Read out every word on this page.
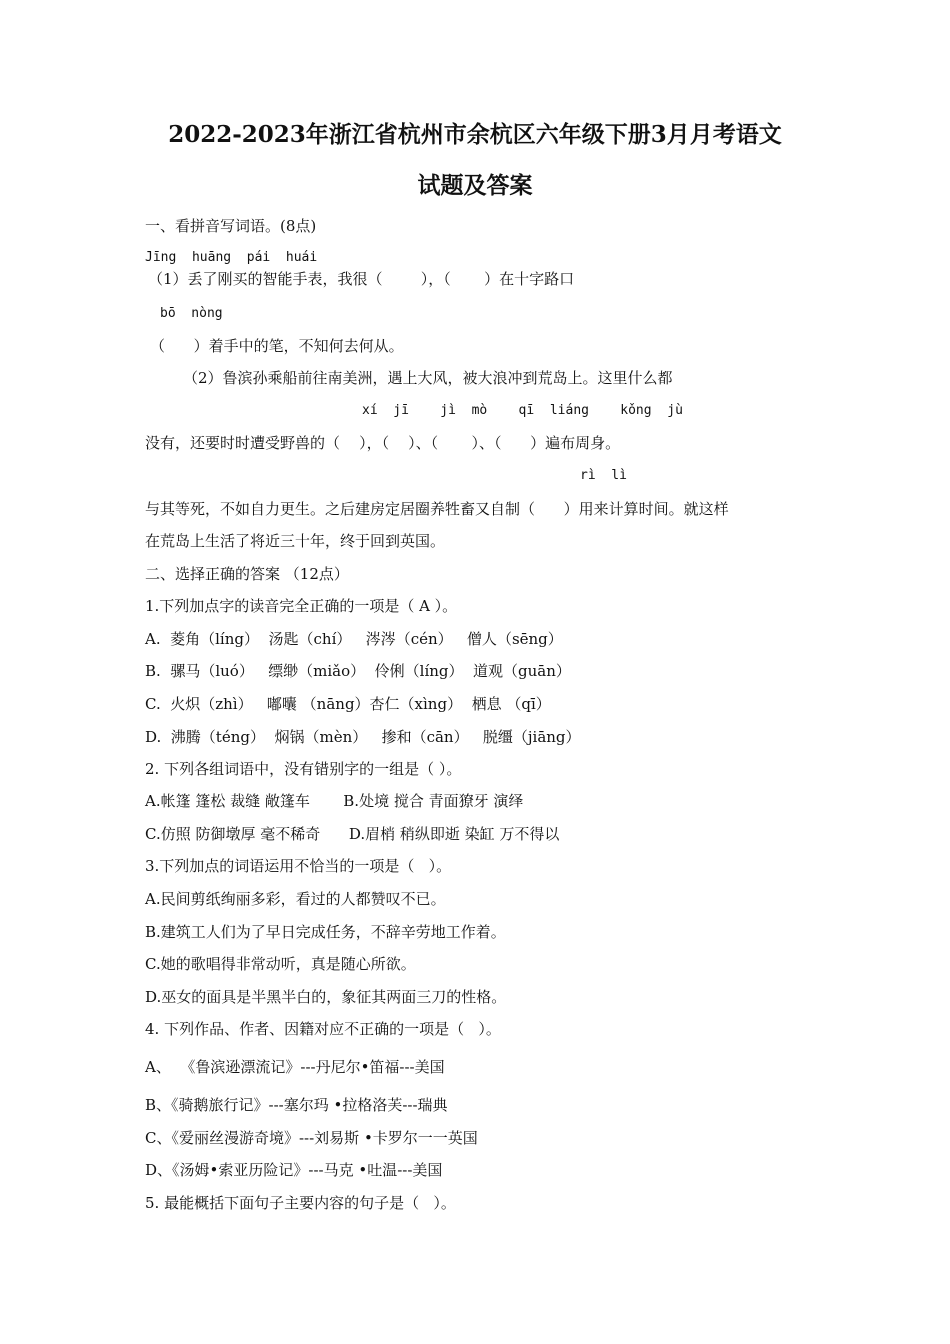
2022-2023年浙江省杭州市余杭区六年级下册3月月考语文
试题及答案
一、看拼音写词语。(8点)
Jīng  huāng  pái  huái
（1）丢了刚买的智能手表，我很（        ），（       ）在十字路口
bō  nòng
（      ）着手中的笔，不知何去何从。
（2）鲁滨孙乘船前往南美洲，遇上大风，被大浪冲到荒岛上。这里什么都
xí  jī    jì  mò    qī  liáng    kǒng  jù
没有，还要时时遭受野兽的（    ），（    ）、（       ）、（      ）遍布周身。
rì  lì
与其等死，不如自力更生。之后建房定居圈养牲畜又自制（      ）用来计算时间。就这样
在荒岛上生活了将近三十年，终于回到英国。
二、选择正确的答案 （12点）
1.下列加点字的读音完全正确的一项是（ A ）。
A.  菱角（líng）  汤匙（chí）   涔涔（cén）   僧人（sēng）
B.  骡马（luó）   缥缈（miǎo）  伶俐（líng）  道观（guān）
C.  火炽（zhì）   嘟囔 （nāng）杏仁（xìng）  栖息 （qī）
D.  沸腾（téng）  焖锅（mèn）   掺和（cān）   脱缰（jiāng）
2. 下列各组词语中，没有错别字的一组是（ ）。
A.帐篷 篷松 裁缝 敞篷车       B.处境 搅合 青面獠牙 演绎
C.仿照 防御墩厚 毫不稀奇      D.眉梢 稍纵即逝 染缸 万不得以
3.下列加点的词语运用不恰当的一项是（   ）。
A.民间剪纸绚丽多彩，看过的人都赞叹不已。
B.建筑工人们为了早日完成任务，不辞辛劳地工作着。
C.她的歌唱得非常动听，真是随心所欲。
D.巫女的面具是半黑半白的，象征其两面三刀的性格。
4. 下列作品、作者、因籍对应不正确的一项是（   ）。
A、  《鲁滨逊漂流记》---丹尼尔•笛福---美国
B、《骑鹅旅行记》---塞尔玛 •拉格洛芙---瑞典
C、《爱丽丝漫游奇境》---刘易斯 •卡罗尔一一英国
D、《汤姆•索亚历险记》---马克 •吐温---美国
5. 最能概括下面句子主要内容的句子是（   ）。
